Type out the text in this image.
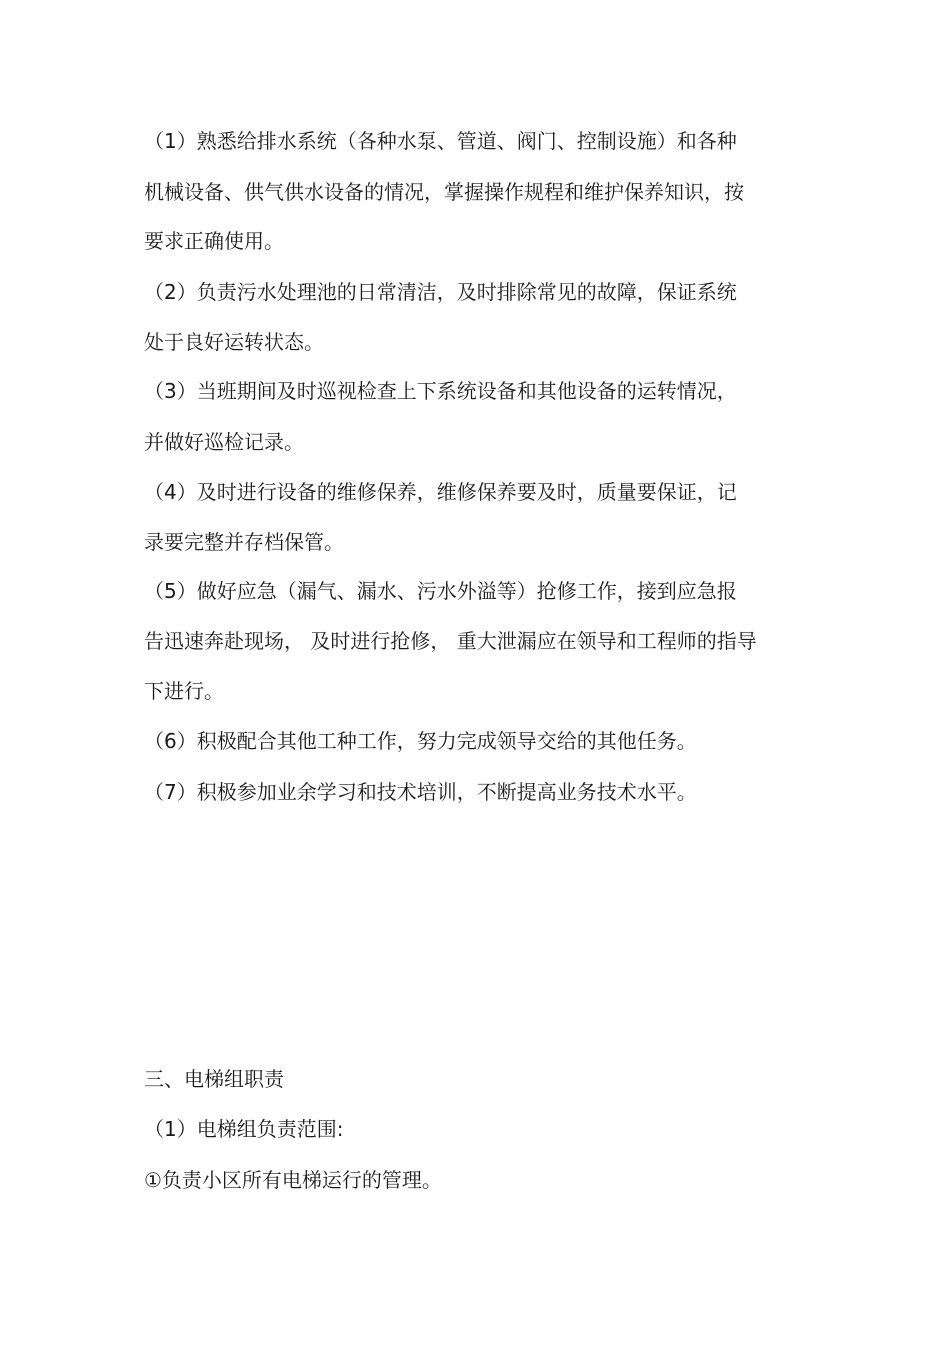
（1）熟悉给排水系统（各种水泵、管道、阀门、控制设施）和各种
机械设备、供气供水设备的情况，掌握操作规程和维护保养知识，按
要求正确使用。
（2）负责污水处理池的日常清洁，及时排除常见的故障，保证系统
处于良好运转状态。
（3）当班期间及时巡视检查上下系统设备和其他设备的运转情况，
并做好巡检记录。
（4）及时进行设备的维修保养，维修保养要及时，质量要保证，记
录要完整并存档保管。
（5）做好应急（漏气、漏水、污水外溢等）抢修工作，接到应急报
告迅速奔赴现场， 及时进行抢修， 重大泄漏应在领导和工程师的指导
下进行。
（6）积极配合其他工种工作，努力完成领导交给的其他任务。
（7）积极参加业余学习和技术培训，不断提高业务技术水平。
三、电梯组职责
（1）电梯组负责范围:
①负责小区所有电梯运行的管理。
